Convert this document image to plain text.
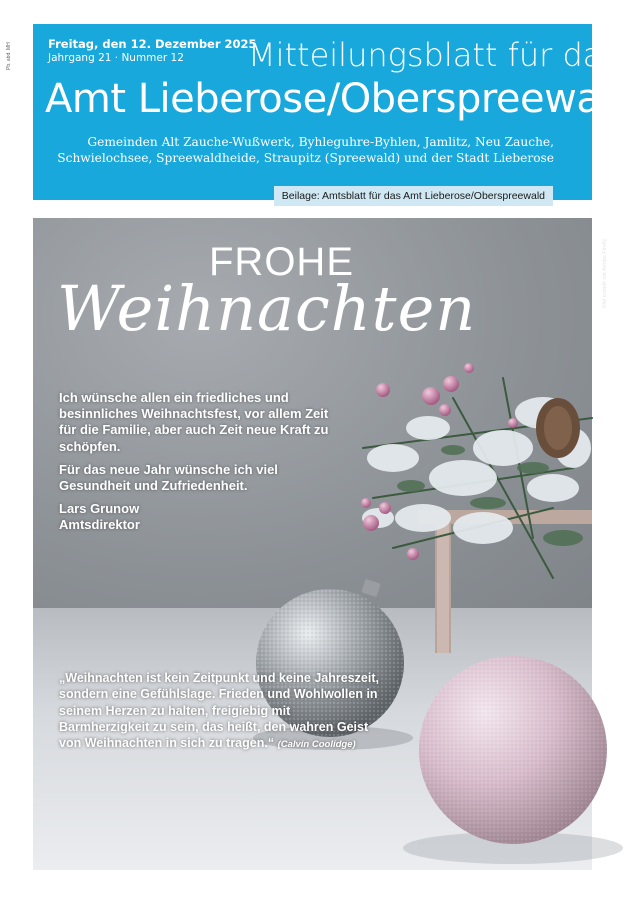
Pb. abd. MH	Freitag, den 12. Dezember 2025
Jahrgang 21 · Nummer 12 Mitteilungsblatt für das
Amt Lieberose/Oberspreewald
Gemeinden Alt Zauche-Wußwerk, Byhleguhre-Byhlen, Jamlitz, Neu Zauche, Schwielochsee, Spreewaldheide, Straupitz (Spreewald) und der Stadt Lieberose
Beilage: Amtsblatt für das Amt Lieberose/Oberspreewald
Bild erstellt mit Adobe Firefly
FROHE
Weihnachten

Ich wünsche allen ein friedliches und besinnliches Weihnachtsfest, vor allem Zeit für die Familie, aber auch Zeit neue Kraft zu schöpfen.

Für das neue Jahr wünsche ich viel Gesundheit und Zufriedenheit.

Lars Grunow

Amtsdirektor

„Weihnachten ist kein Zeitpunkt und keine Jahreszeit, sondern eine Gefühlslage. Frieden und Wohlwollen in seinem Herzen zu halten, freigiebig mit Barmherzigkeit zu sein, das heißt, den wahren Geist von Weihnachten in sich zu tragen.“ (Calvin Coolidge)
